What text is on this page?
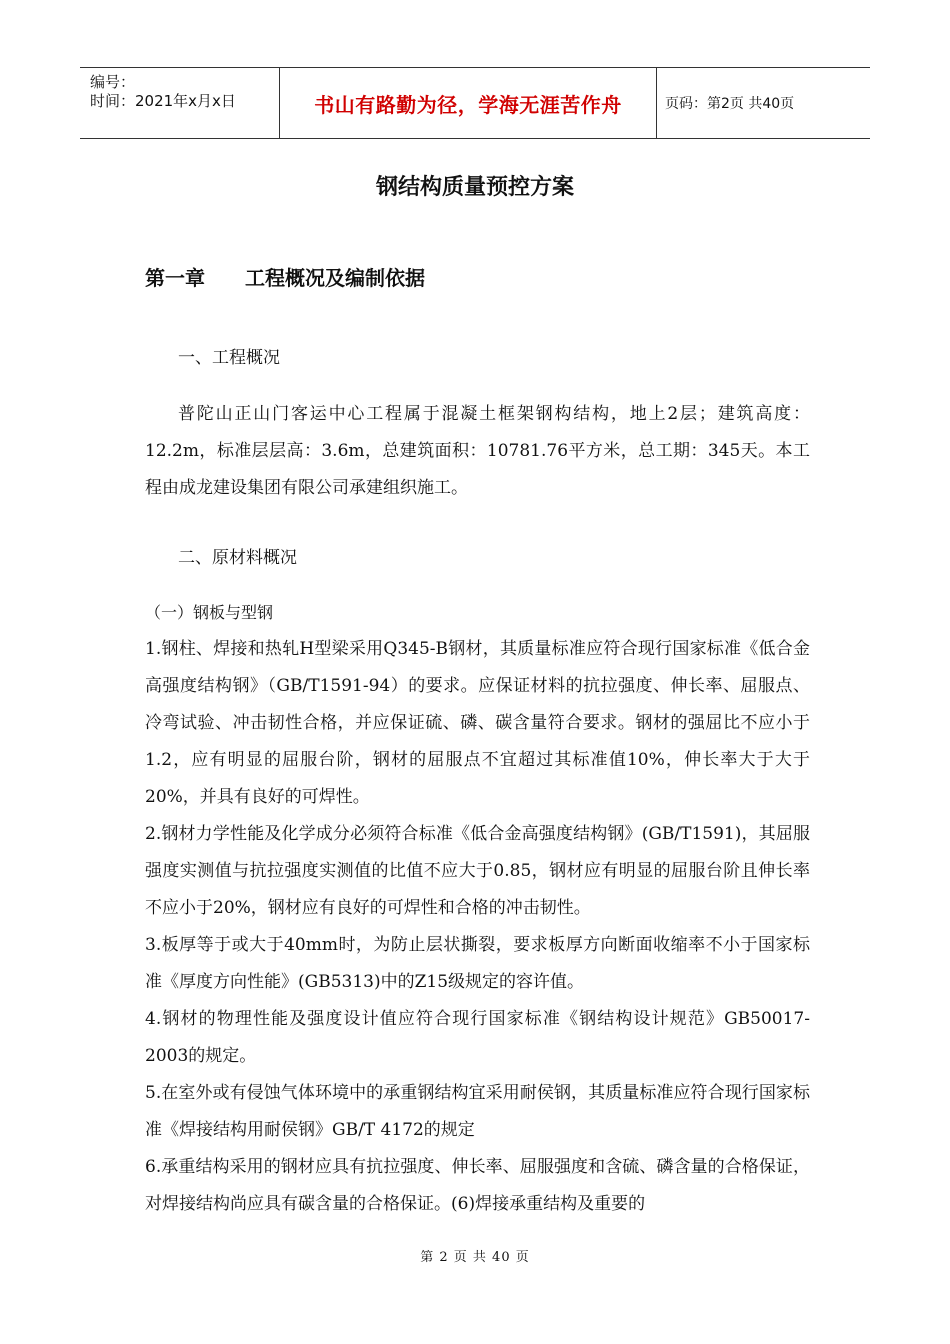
编号：
时间：2021年x月x日	书山有路勤为径，学海无涯苦作舟	页码：第2页 共40页
钢结构质量预控方案
第一章 工程概况及编制依据
一、工程概况

普陀山正山门客运中心工程属于混凝土框架钢构结构，地上2层；建筑高度：12.2m，标准层层高：3.6m，总建筑面积：10781.76平方米，总工期：345天。本工程由成龙建设集团有限公司承建组织施工。

二、原材料概况
（一）钢板与型钢

1.钢柱、焊接和热轧H型梁采用Q345-B钢材，其质量标准应符合现行国家标准《低合金高强度结构钢》（GB/T1591-94）的要求。应保证材料的抗拉强度、伸长率、屈服点、冷弯试验、冲击韧性合格，并应保证硫、磷、碳含量符合要求。钢材的强屈比不应小于1.2，应有明显的屈服台阶，钢材的屈服点不宜超过其标准值10%，伸长率大于大于20%，并具有良好的可焊性。

2.钢材力学性能及化学成分必须符合标准《低合金高强度结构钢》(GB/T1591)，其屈服强度实测值与抗拉强度实测值的比值不应大于0.85，钢材应有明显的屈服台阶且伸长率不应小于20%，钢材应有良好的可焊性和合格的冲击韧性。

3.板厚等于或大于40mm时，为防止层状撕裂，要求板厚方向断面收缩率不小于国家标准《厚度方向性能》(GB5313)中的Z15级规定的容许值。

4.钢材的物理性能及强度设计值应符合现行国家标准《钢结构设计规范》GB50017-2003的规定。

5.在室外或有侵蚀气体环境中的承重钢结构宜采用耐侯钢，其质量标准应符合现行国家标准《焊接结构用耐侯钢》GB/T 4172的规定

6.承重结构采用的钢材应具有抗拉强度、伸长率、屈服强度和含硫、磷含量的合格保证，对焊接结构尚应具有碳含量的合格保证。(6)焊接承重结构及重要的

第 2 页 共 40 页
